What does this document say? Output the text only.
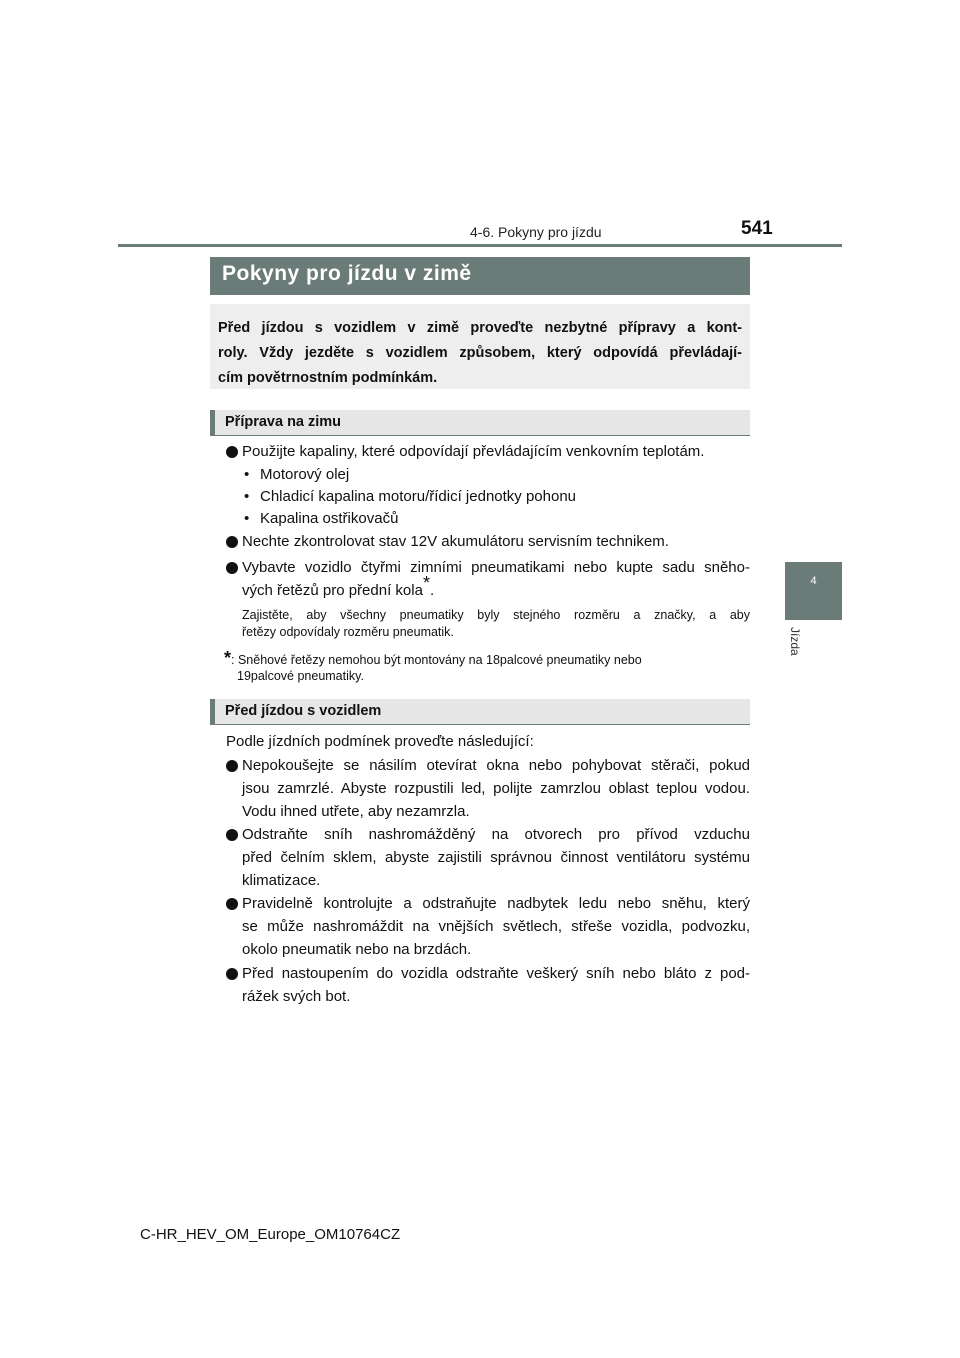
4-6. Pokyny pro jízdu	541
4
Jízda
Pokyny pro jízdu v zimě

Před jízdou s vozidlem v zimě proveďte nezbytné přípravy a kont-

roly. Vždy jezděte s vozidlem způsobem, který odpovídá převládají-

cím povětrnostním podmínkám.

Příprava na zimu
Použijte kapaliny, které odpovídají převládajícím venkovním teplotám.
• Motorový olej
• Chladicí kapalina motoru/řídicí jednotky pohonu
• Kapalina ostřikovačů
Nechte zkontrolovat stav 12V akumulátoru servisním technikem.
Vybavte vozidlo čtyřmi zimními pneumatikami nebo kupte sadu sněho-
vých řetězů pro přední kola*.
Zajistěte, aby všechny pneumatiky byly stejného rozměru a značky, a aby
řetězy odpovídaly rozměru pneumatik.
*: Sněhové řetězy nemohou být montovány na 18palcové pneumatiky nebo
19palcové pneumatiky.
Před jízdou s vozidlem
Podle jízdních podmínek proveďte následující:
Nepokoušejte se násilím otevírat okna nebo pohybovat stěrači, pokud
jsou zamrzlé. Abyste rozpustili led, polijte zamrzlou oblast teplou vodou.
Vodu ihned utřete, aby nezamrzla.
Odstraňte sníh nashromážděný na otvorech pro přívod vzduchu
před čelním sklem, abyste zajistili správnou činnost ventilátoru systému
klimatizace.
Pravidelně kontrolujte a odstraňujte nadbytek ledu nebo sněhu, který
se může nashromáždit na vnějších světlech, střeše vozidla, podvozku,
okolo pneumatik nebo na brzdách.
Před nastoupením do vozidla odstraňte veškerý sníh nebo bláto z pod-
rážek svých bot.
C-HR_HEV_OM_Europe_OM10764CZ
